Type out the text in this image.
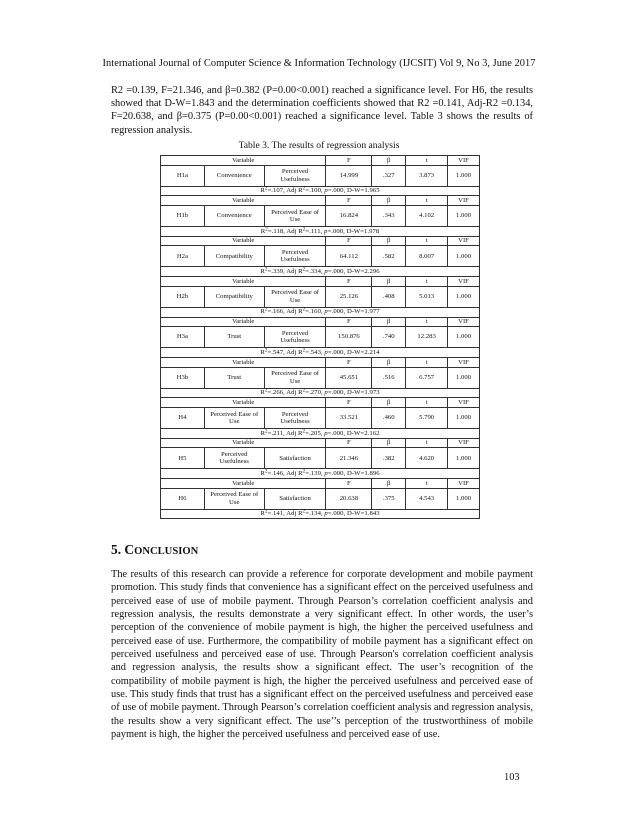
International Journal of Computer Science & Information Technology (IJCSIT) Vol 9, No 3, June 2017
R2 =0.139, F=21.346, and β=0.382 (P=0.00<0.001) reached a significance level. For H6, the results showed that D-W=1.843 and the determination coefficients showed that R2 =0.141, Adj-R2 =0.134, F=20.638, and β=0.375 (P=0.00<0.001) reached a significance level. Table 3 shows the results of regression analysis.
Table 3. The results of regression analysis
Variable			F	β	t	VIF
H1a	Convenience	Perceived Usefulness	14.999	.327	3.873	1.000
$R^2=.107$, Adj $R^2=.100$, p=.000, D-W=1.965						
Variable			F	β	t	VIF
H1b	Convenience	Perceived Ease of Use	16.824	.343	4.102	1.000
$R^2=.118$, Adj $R^2=.111$, p=.000, D-W=1.978						
Variable			F	β	t	VIF
H2a	Compatibility	Perceived Usefulness	64.112	.582	8.007	1.000
$R^2=.339$, Adj $R^2=.334$, p=.000, D-W=2.296						
Variable			F	β	t	VIF
H2b	Compatibility	Perceived Ease of Use	25.126	.408	5.013	1.000
$R^2=.166$, Adj $R^2=.160$, p=.000, D-W=1.977						
Variable			F	β	t	VIF
H3a	Trust	Perceived Usefulness	150.876	.740	12.283	1.000
$R^2=.547$, Adj $R^2=.543$, p=.000, D-W=2.214						
Variable			F	β	t	VIF
H3b	Trust	Perceived Ease of Use	45.651	.516	6.757	1.000
$R^2=.266$, Adj $R^2=.270$, p=.000, D-W=1.973						
Variable			F	β	t	VIF
H4	Perceived Ease of Use	Perceived Usefulness	33.521	.460	5.790	1.000
$R^2=.211$, Adj $R^2=.205$, p=.000, D-W=2.162						
Variable			F	β	t	VIF
H5	Perceived Usefulness	Satisfaction	21.346	.382	4.620	1.000
$R^2=.146$, Adj $R^2=.139$, p=.000, D-W=1.896						
Variable			F	β	t	VIF
H6	Perceived Ease of Use	Satisfaction	20.638	.375	4.543	1.000
$R^2=.141$, Adj $R^2=.134$, p=.000, D-W=1.843						
5. CONCLUSION
The results of this research can provide a reference for corporate development and mobile payment promotion. This study finds that convenience has a significant effect on the perceived usefulness and perceived ease of use of mobile payment. Through Pearson’s correlation coefficient analysis and regression analysis, the results demonstrate a very significant effect. In other words, the user’s perception of the convenience of mobile payment is high, the higher the perceived usefulness and perceived ease of use. Furthermore, the compatibility of mobile payment has a significant effect on perceived usefulness and perceived ease of use. Through Pearson's correlation coefficient analysis and regression analysis, the results show a significant effect. The user’s recognition of the compatibility of mobile payment is high, the higher the perceived usefulness and perceived ease of use. This study finds that trust has a significant effect on the perceived usefulness and perceived ease of use of mobile payment. Through Pearson’s correlation coefficient analysis and regression analysis, the results show a very significant effect. The use’’s perception of the trustworthiness of mobile payment is high, the higher the perceived usefulness and perceived ease of use.
103
